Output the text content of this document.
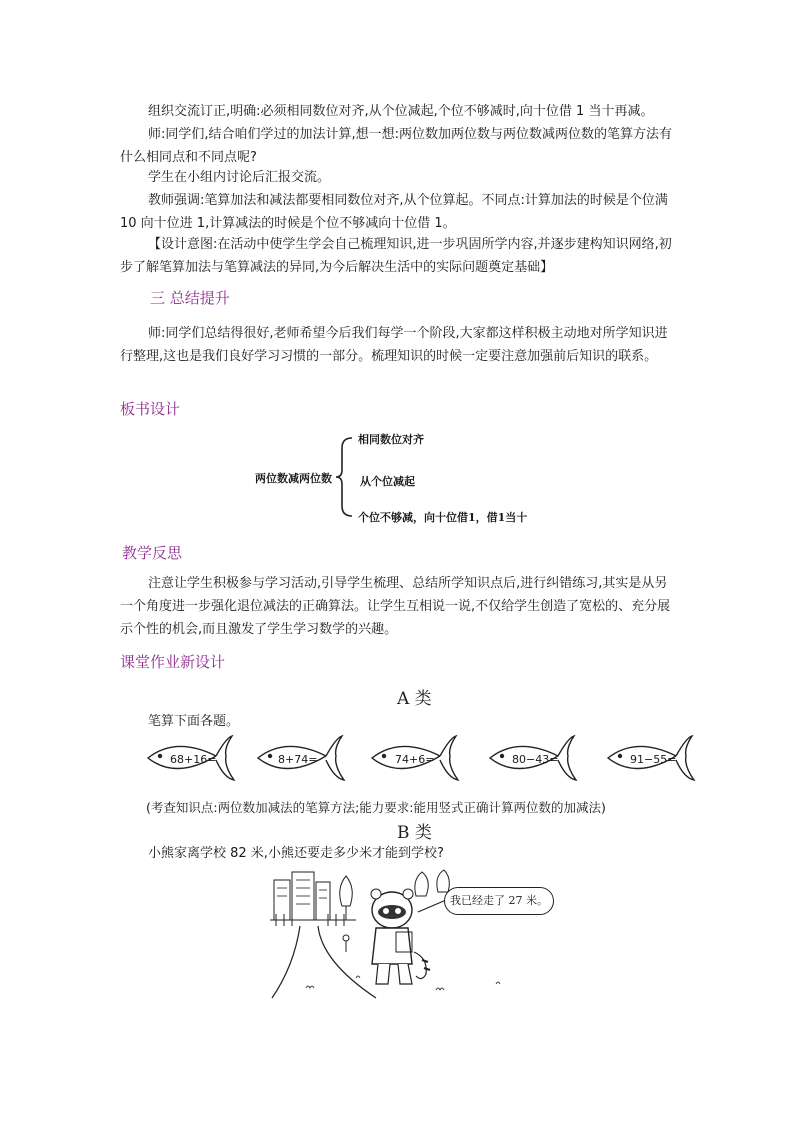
组织交流订正,明确:必须相同数位对齐,从个位减起,个位不够减时,向十位借 1 当十再减。

师:同学们,结合咱们学过的加法计算,想一想:两位数加两位数与两位数减两位数的笔算方法有什么相同点和不同点呢?

学生在小组内讨论后汇报交流。

教师强调:笔算加法和减法都要相同数位对齐,从个位算起。不同点:计算加法的时候是个位满 10 向十位进 1,计算减法的时候是个位不够减向十位借 1。

【设计意图:在活动中使学生学会自己梳理知识,进一步巩固所学内容,并逐步建构知识网络,初步了解笔算加法与笔算减法的异同,为今后解决生活中的实际问题奠定基础】

三 总结提升

师:同学们总结得很好,老师希望今后我们每学一个阶段,大家都这样积极主动地对所学知识进行整理,这也是我们良好学习习惯的一部分。梳理知识的时候一定要注意加强前后知识的联系。

板书设计

两位数减两位数
相同数位对齐
从个位减起
个位不够减，向十位借1，借1当十

教学反思

注意让学生积极参与学习活动,引导学生梳理、总结所学知识点后,进行纠错练习,其实是从另一个角度进一步强化退位减法的正确算法。让学生互相说一说,不仅给学生创造了宽松的、充分展示个性的机会,而且激发了学生学习数学的兴趣。

课堂作业新设计

A 类

笔算下面各题。

68+16=	8+74=	74+6=	80−43=	91−55=

(考查知识点:两位数加减法的笔算方法;能力要求:能用竖式正确计算两位数的加减法)

B 类

小熊家离学校 82 米,小熊还要走多少米才能到学校?

我已经走了 27 米。
